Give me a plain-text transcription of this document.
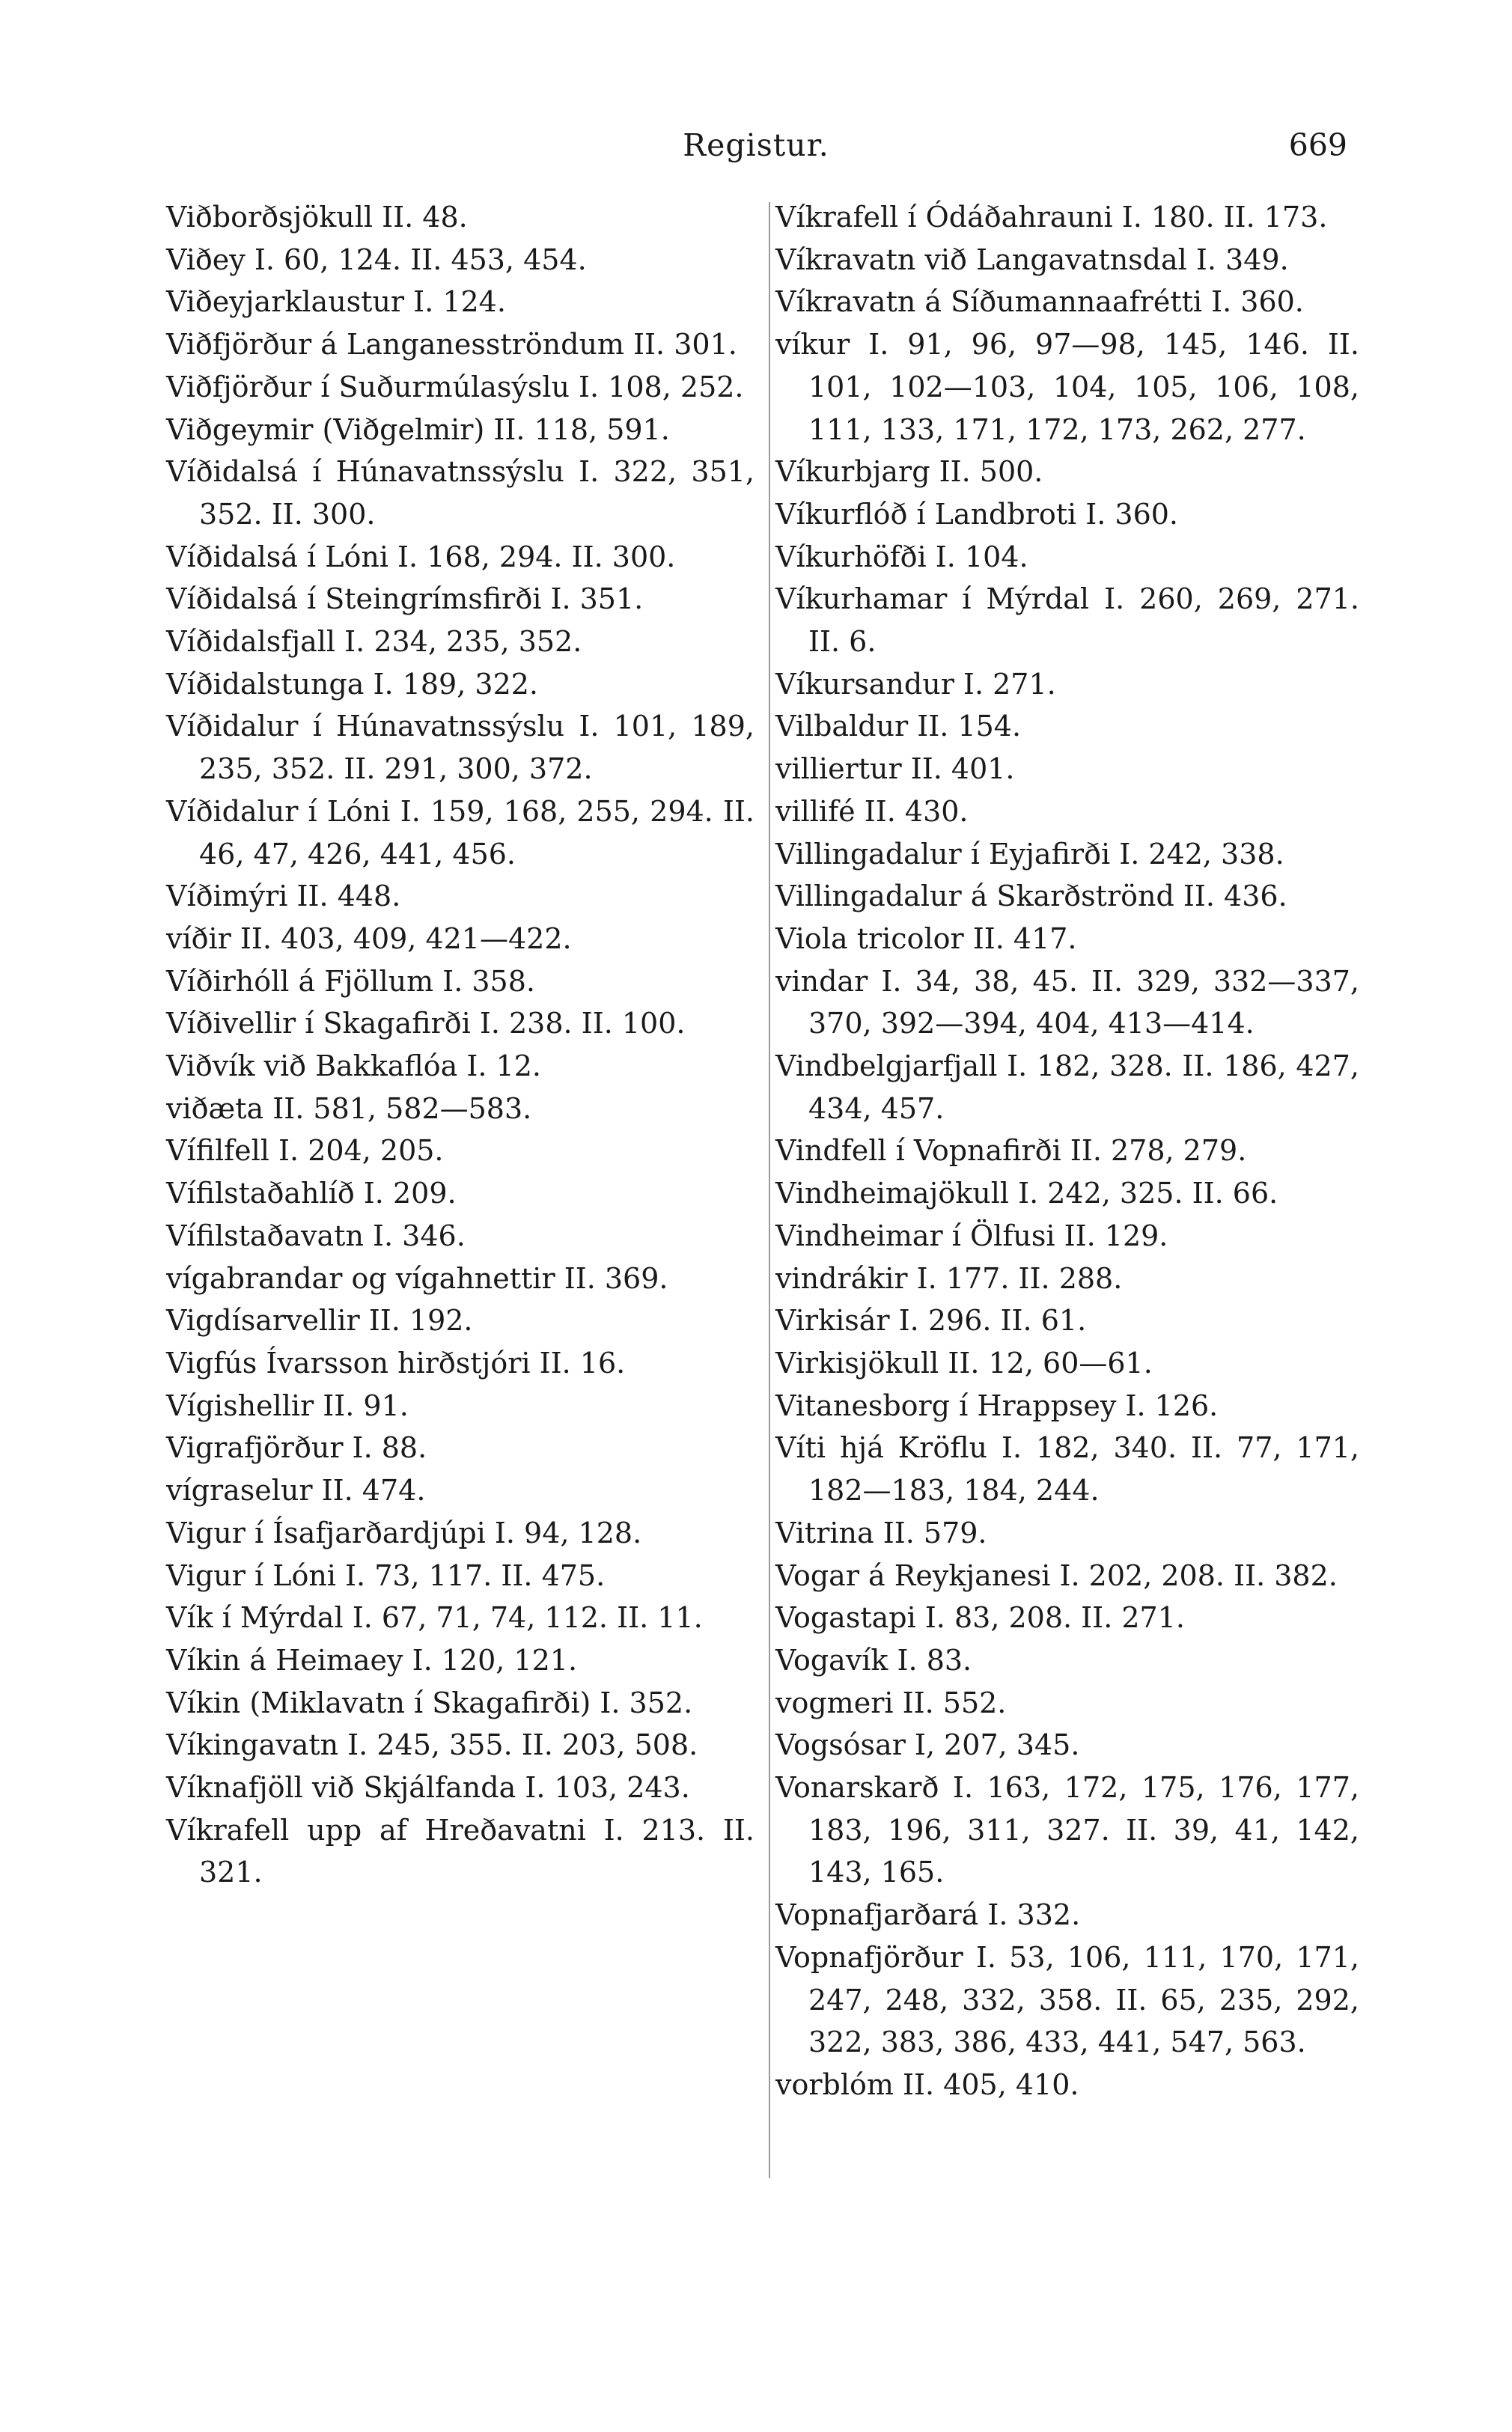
Registur.	669

Viðborðsjökull II. 48.

Viðey I. 60, 124. II. 453, 454.

Viðeyjarklaustur I. 124.

Viðfjörður á Langanesströndum II. 301.

Viðfjörður í Suðurmúlasýslu I. 108, 252.

Viðgeymir (Viðgelmir) II. 118, 591.

Víðidalsá í Húnavatnssýslu I. 322, 351, 352. II. 300.

Víðidalsá í Lóni I. 168, 294. II. 300.

Víðidalsá í Steingrímsfirði I. 351.

Víðidalsfjall I. 234, 235, 352.

Víðidalstunga I. 189, 322.

Víðidalur í Húnavatnssýslu I. 101, 189, 235, 352. II. 291, 300, 372.

Víðidalur í Lóni I. 159, 168, 255, 294. II. 46, 47, 426, 441, 456.

Víðimýri II. 448.

víðir II. 403, 409, 421—422.

Víðirhóll á Fjöllum I. 358.

Víðivellir í Skagafirði I. 238. II. 100.

Viðvík við Bakkaflóa I. 12.

viðæta II. 581, 582—583.

Vífilfell I. 204, 205.

Vífilstaðahlíð I. 209.

Vífilstaðavatn I. 346.

vígabrandar og vígahnettir II. 369.

Vigdísarvellir II. 192.

Vigfús Ívarsson hirðstjóri II. 16.

Vígishellir II. 91.

Vigrafjörður I. 88.

vígraselur II. 474.

Vigur í Ísafjarðardjúpi I. 94, 128.

Vigur í Lóni I. 73, 117. II. 475.

Vík í Mýrdal I. 67, 71, 74, 112. II. 11.

Víkin á Heimaey I. 120, 121.

Víkin (Miklavatn í Skagafirði) I. 352.

Víkingavatn I. 245, 355. II. 203, 508.

Víknafjöll við Skjálfanda I. 103, 243.

Víkrafell upp af Hreðavatni I. 213. II. 321.

Víkrafell í Ódáðahrauni I. 180. II. 173.

Víkravatn við Langavatnsdal I. 349.

Víkravatn á Síðumannaafrétti I. 360.

víkur I. 91, 96, 97—98, 145, 146. II. 101, 102—103, 104, 105, 106, 108, 111, 133, 171, 172, 173, 262, 277.

Víkurbjarg II. 500.

Víkurflóð í Landbroti I. 360.

Víkurhöfði I. 104.

Víkurhamar í Mýrdal I. 260, 269, 271. II. 6.

Víkursandur I. 271.

Vilbaldur II. 154.

villiertur II. 401.

villifé II. 430.

Villingadalur í Eyjafirði I. 242, 338.

Villingadalur á Skarðströnd II. 436.

Viola tricolor II. 417.

vindar I. 34, 38, 45. II. 329, 332—337, 370, 392—394, 404, 413—414.

Vindbelgjarfjall I. 182, 328. II. 186, 427, 434, 457.

Vindfell í Vopnafirði II. 278, 279.

Vindheimajökull I. 242, 325. II. 66.

Vindheimar í Ölfusi II. 129.

vindrákir I. 177. II. 288.

Virkisár I. 296. II. 61.

Virkisjökull II. 12, 60—61.

Vitanesborg í Hrappsey I. 126.

Víti hjá Kröflu I. 182, 340. II. 77, 171, 182—183, 184, 244.

Vitrina II. 579.

Vogar á Reykjanesi I. 202, 208. II. 382.

Vogastapi I. 83, 208. II. 271.

Vogavík I. 83.

vogmeri II. 552.

Vogsósar I, 207, 345.

Vonarskarð I. 163, 172, 175, 176, 177, 183, 196, 311, 327. II. 39, 41, 142, 143, 165.

Vopnafjarðará I. 332.

Vopnafjörður I. 53, 106, 111, 170, 171, 247, 248, 332, 358. II. 65, 235, 292, 322, 383, 386, 433, 441, 547, 563.

vorblóm II. 405, 410.
